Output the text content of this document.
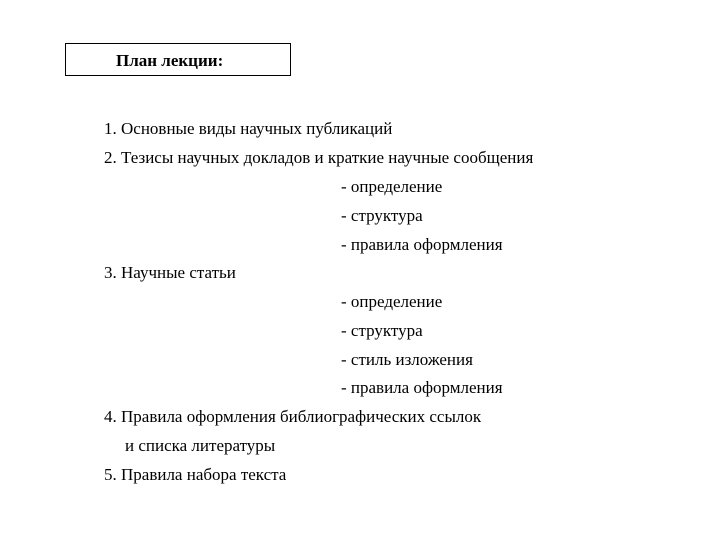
План лекции:
1. Основные виды научных публикаций
2. Тезисы научных докладов и краткие научные сообщения
- определение
- структура
- правила оформления
3. Научные статьи
- определение
- структура
- стиль изложения
- правила оформления
4. Правила оформления библиографических ссылок
и списка литературы
5. Правила набора текста
